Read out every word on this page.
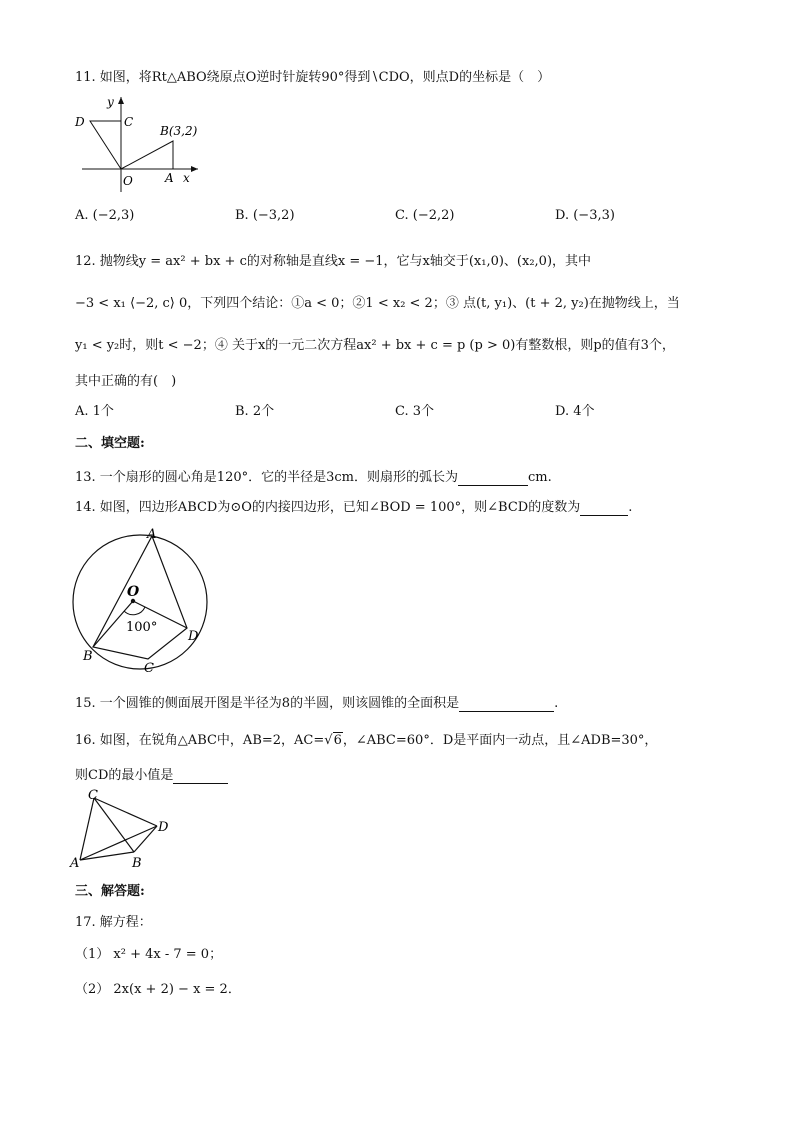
11. 如图，将Rt△ABO绕原点O逆时针旋转90°得到∖CDO，则点D的坐标是（　）
y
x
O	A
C
D
B(3,2)
A. (−2,3)	B. (−3,2)	C. (−2,2)	D. (−3,3)
12. 抛物线y = ax² + bx + c的对称轴是直线x = −1，它与x轴交于(x₁,0)、(x₂,0)，其中
−3 < x₁ ⟨−2, c⟩ 0，下列四个结论：①a < 0；②1 < x₂ < 2；③ 点(t, y₁)、(t + 2, y₂)在抛物线上，当
y₁ < y₂时，则t < −2；④ 关于x的一元二次方程ax² + bx + c = p (p > 0)有整数根，则p的值有3个，
其中正确的有(　)
A. 1个	B. 2个	C. 3个	D. 4个
二、填空题:
13. 一个扇形的圆心角是120°．它的半径是3cm．则扇形的弧长为	cm.
14. 如图，四边形ABCD为⊙O的内接四边形，已知∠BOD = 100°，则∠BCD的度数为	.
A
O
B
C
D
100°
15. 一个圆锥的侧面展开图是半径为8的半圆，则该圆锥的全面积是	.
16. 如图，在锐角△ABC中，AB=2，AC=√6，∠ABC=60°．D是平面内一动点，且∠ADB=30°，
则CD的最小值是
A	B
C
D
三、解答题:
17. 解方程：
（1） x² + 4x - 7 = 0；
（2） 2x(x + 2) − x = 2．
